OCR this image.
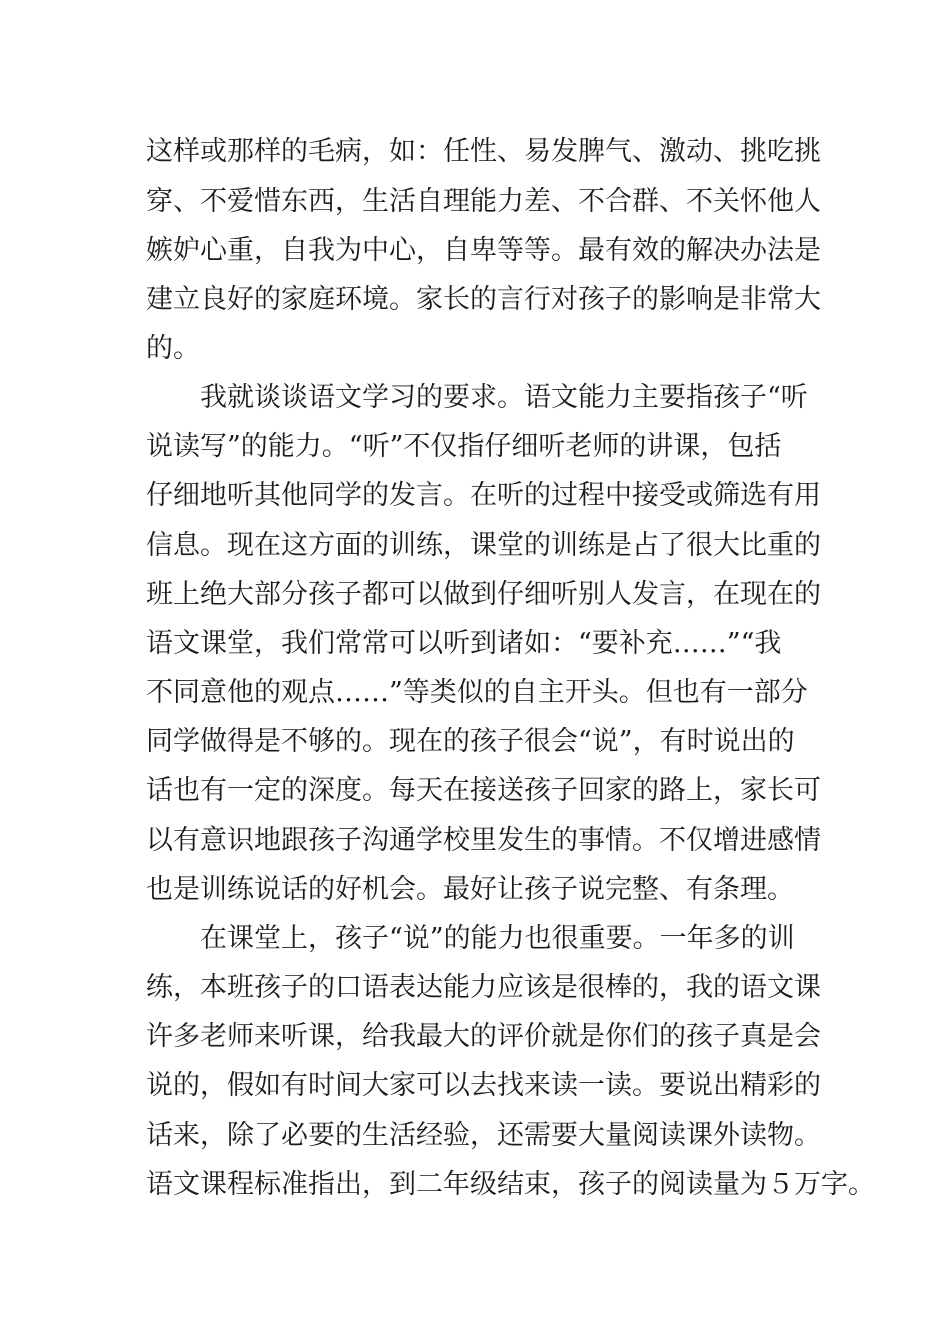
这样或那样的毛病，如：任性、易发脾气、激动、挑吃挑
穿、不爱惜东西，生活自理能力差、不合群、不关怀他人
嫉妒心重，自我为中心，自卑等等。最有效的解决办法是
建立良好的家庭环境。家长的言行对孩子的影响是非常大
的。
我就谈谈语文学习的要求。语文能力主要指孩子“听
说读写”的能力。“听”不仅指仔细听老师的讲课，包括
仔细地听其他同学的发言。在听的过程中接受或筛选有用
信息。现在这方面的训练，课堂的训练是占了很大比重的
班上绝大部分孩子都可以做到仔细听别人发言，在现在的
语文课堂，我们常常可以听到诸如：“要补充……”“我
不同意他的观点……”等类似的自主开头。但也有一部分
同学做得是不够的。现在的孩子很会“说”，有时说出的
话也有一定的深度。每天在接送孩子回家的路上，家长可
以有意识地跟孩子沟通学校里发生的事情。不仅增进感情
也是训练说话的好机会。最好让孩子说完整、有条理。
在课堂上，孩子“说”的能力也很重要。一年多的训
练，本班孩子的口语表达能力应该是很棒的，我的语文课
许多老师来听课，给我最大的评价就是你们的孩子真是会
说的，假如有时间大家可以去找来读一读。要说出精彩的
话来，除了必要的生活经验，还需要大量阅读课外读物。
语文课程标准指出，到二年级结束，孩子的阅读量为５万字。
